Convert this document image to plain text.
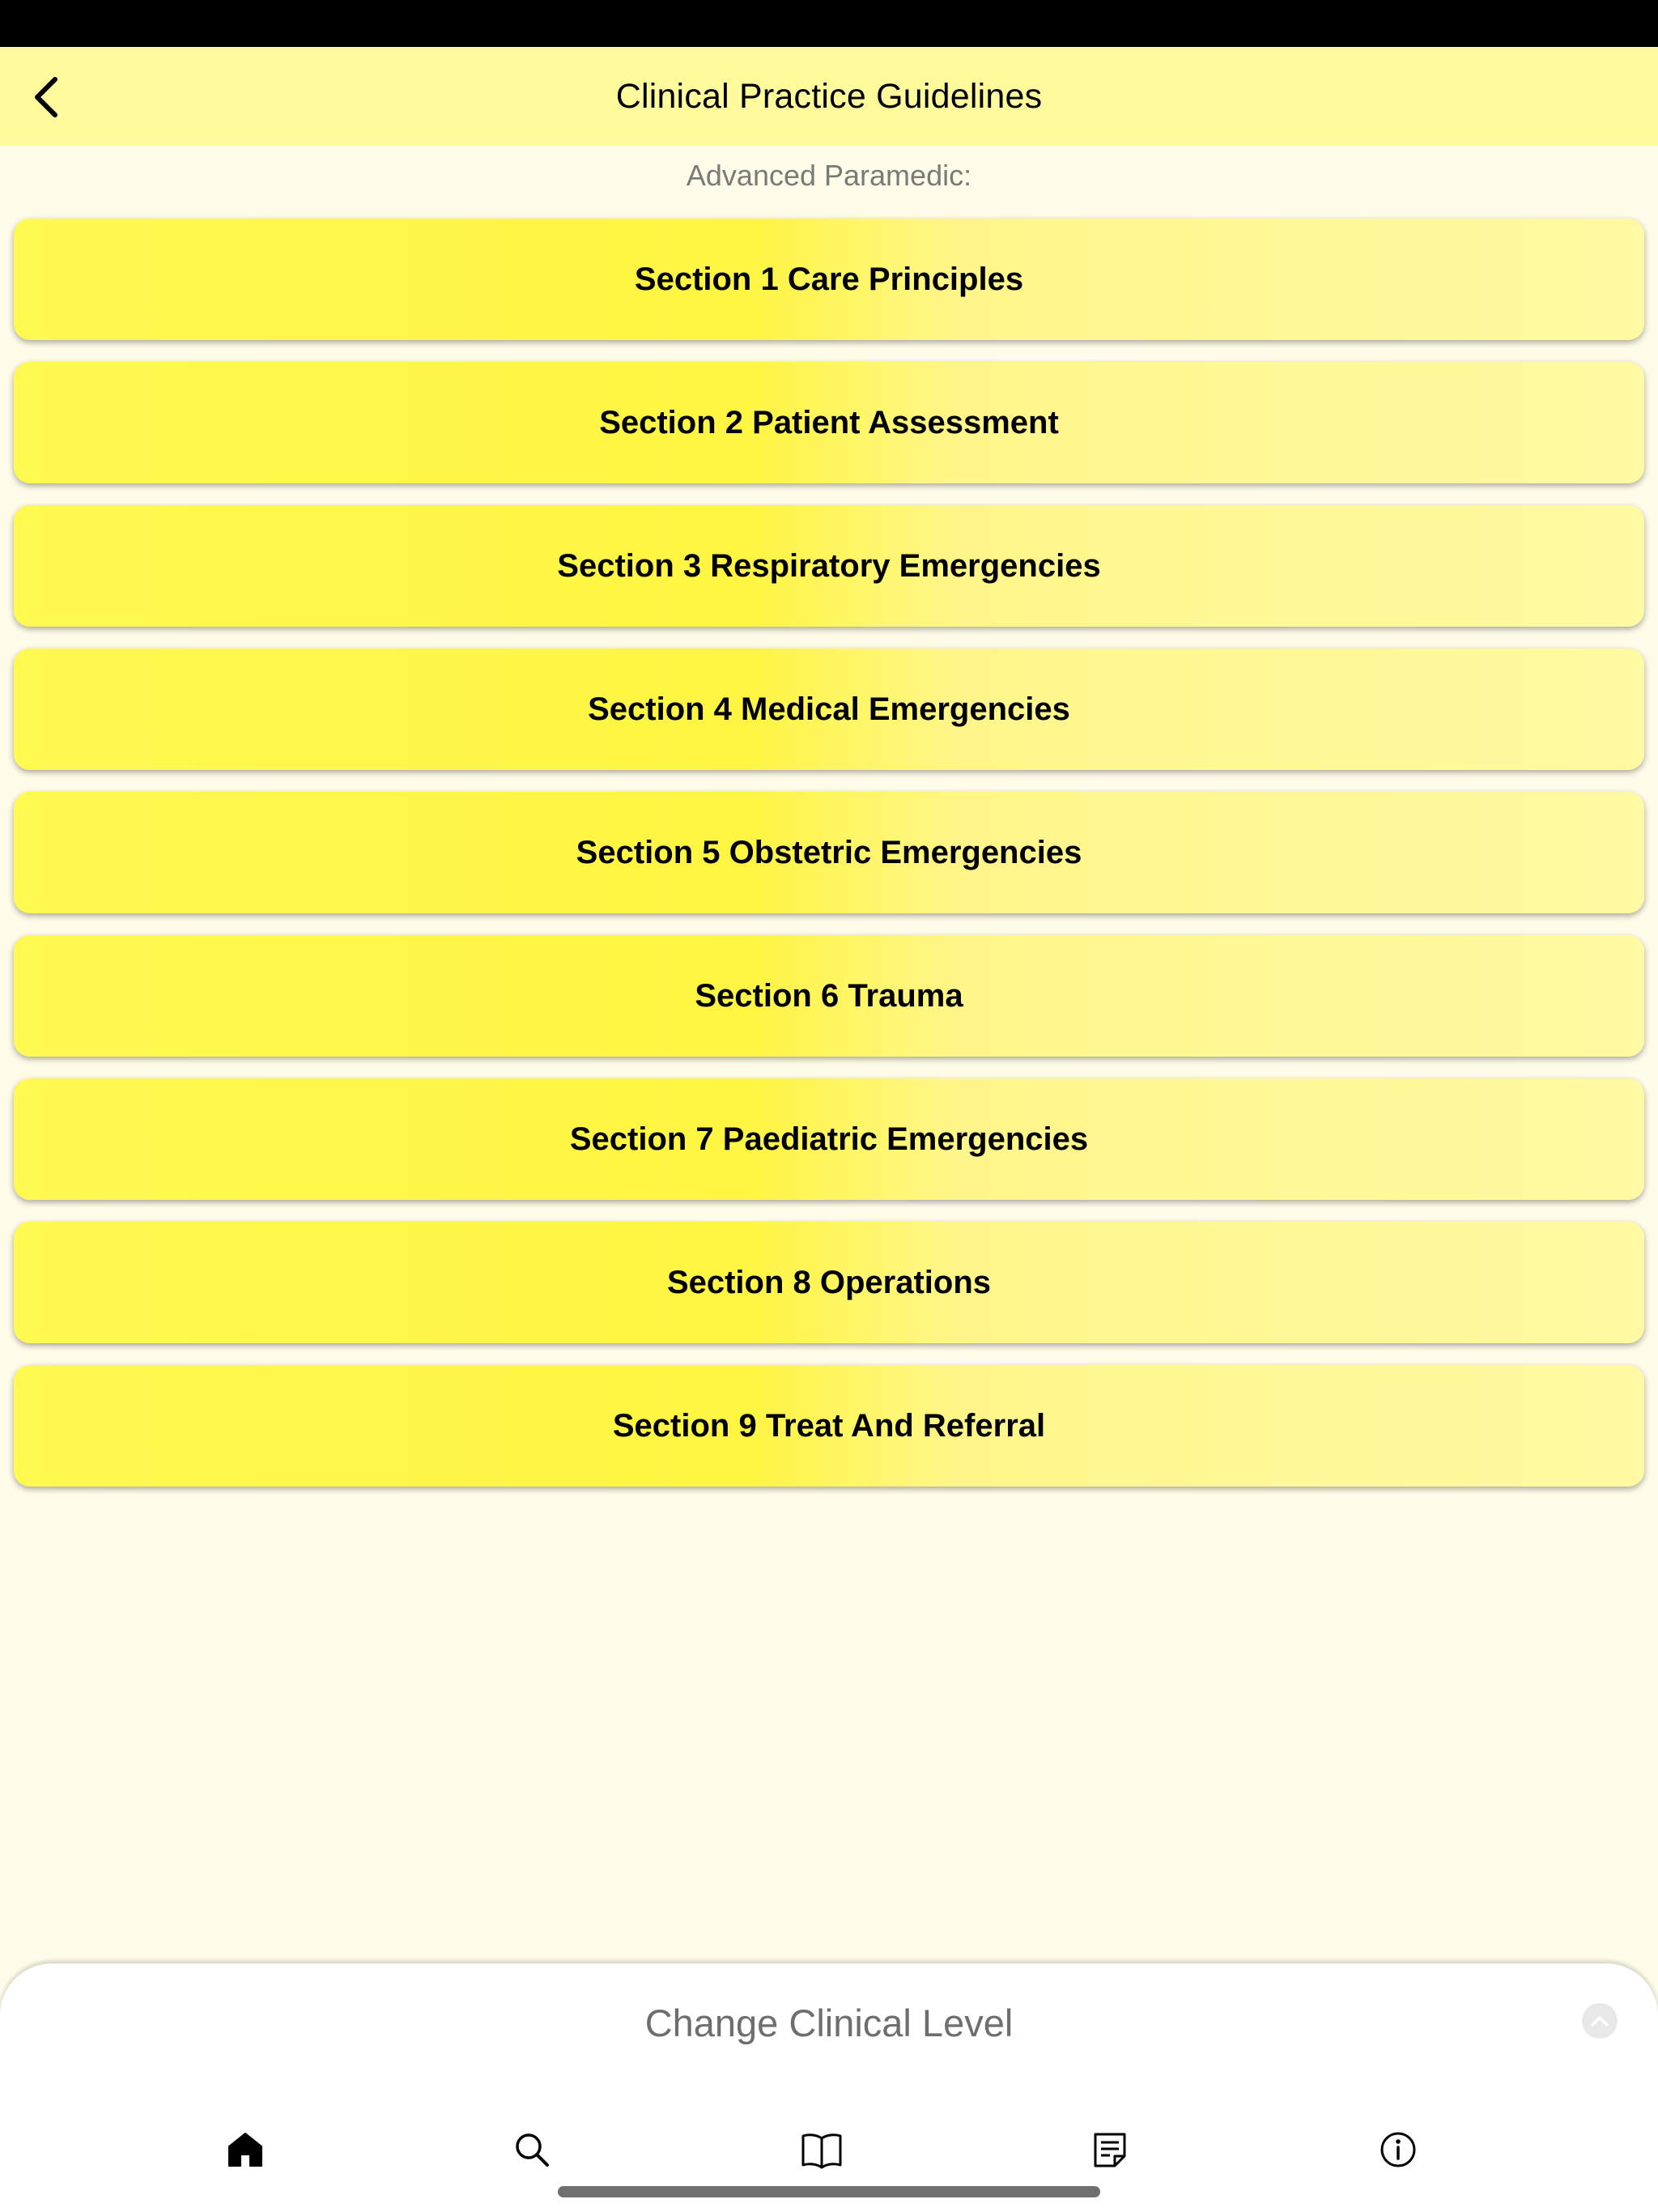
Clinical Practice Guidelines
Advanced Paramedic:
Section 1 Care Principles
Section 2 Patient Assessment
Section 3 Respiratory Emergencies
Section 4 Medical Emergencies
Section 5 Obstetric Emergencies
Section 6 Trauma
Section 7 Paediatric Emergencies
Section 8 Operations
Section 9 Treat And Referral
Change Clinical Level
